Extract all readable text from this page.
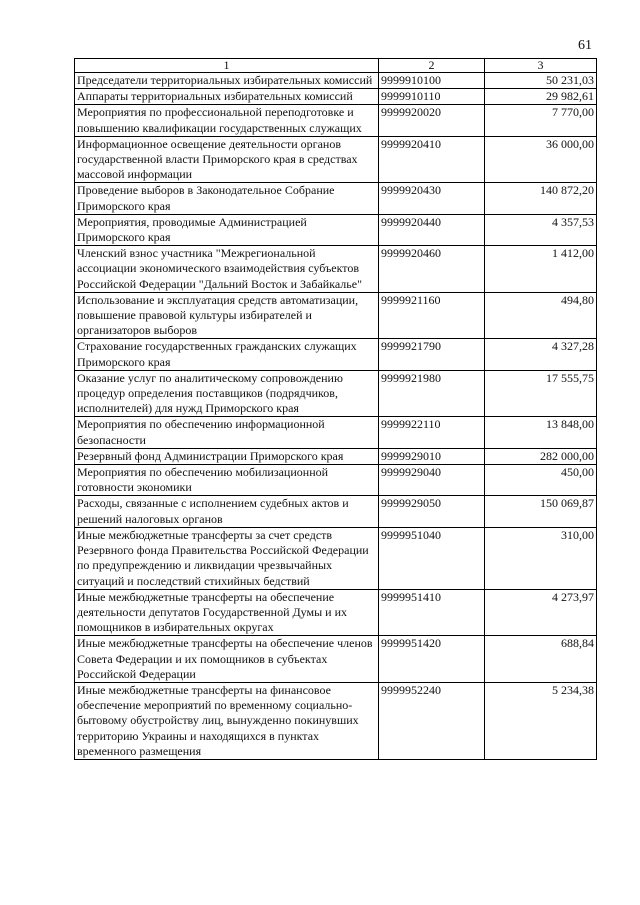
61
1	2	3
Председатели территориальных избирательных комиссий	9999910100	50 231,03
Аппараты территориальных избирательных комиссий	9999910110	29 982,61
Мероприятия по профессиональной переподготовке и повышению квалификации государственных служащих	9999920020	7 770,00
Информационное освещение деятельности органов государственной власти Приморского края в средствах массовой информации	9999920410	36 000,00
Проведение выборов в Законодательное Собрание Приморского края	9999920430	140 872,20
Мероприятия, проводимые Администрацией Приморского края	9999920440	4 357,53
Членский взнос участника "Межрегиональной ассоциации экономического взаимодействия субъектов Российской Федерации "Дальний Восток и Забайкалье"	9999920460	1 412,00
Использование и эксплуатация средств автоматизации, повышение правовой культуры избирателей и организаторов выборов	9999921160	494,80
Страхование государственных гражданских служащих Приморского края	9999921790	4 327,28
Оказание услуг по аналитическому сопровождению процедур определения поставщиков (подрядчиков, исполнителей) для нужд Приморского края	9999921980	17 555,75
Мероприятия по обеспечению информационной безопасности	9999922110	13 848,00
Резервный фонд Администрации Приморского края	9999929010	282 000,00
Мероприятия по обеспечению мобилизационной готовности экономики	9999929040	450,00
Расходы, связанные с исполнением судебных актов и решений налоговых органов	9999929050	150 069,87
Иные межбюджетные трансферты за счет средств Резервного фонда Правительства Российской Федерации по предупреждению и ликвидации чрезвычайных ситуаций и последствий стихийных бедствий	9999951040	310,00
Иные межбюджетные трансферты на обеспечение деятельности депутатов Государственной Думы и их помощников в избирательных округах	9999951410	4 273,97
Иные межбюджетные трансферты на обеспечение членов Совета Федерации и их помощников в субъектах Российской Федерации	9999951420	688,84
Иные межбюджетные трансферты на финансовое обеспечение мероприятий по временному социально-бытовому обустройству лиц, вынужденно покинувших территорию Украины и находящихся в пунктах временного размещения	9999952240	5 234,38
